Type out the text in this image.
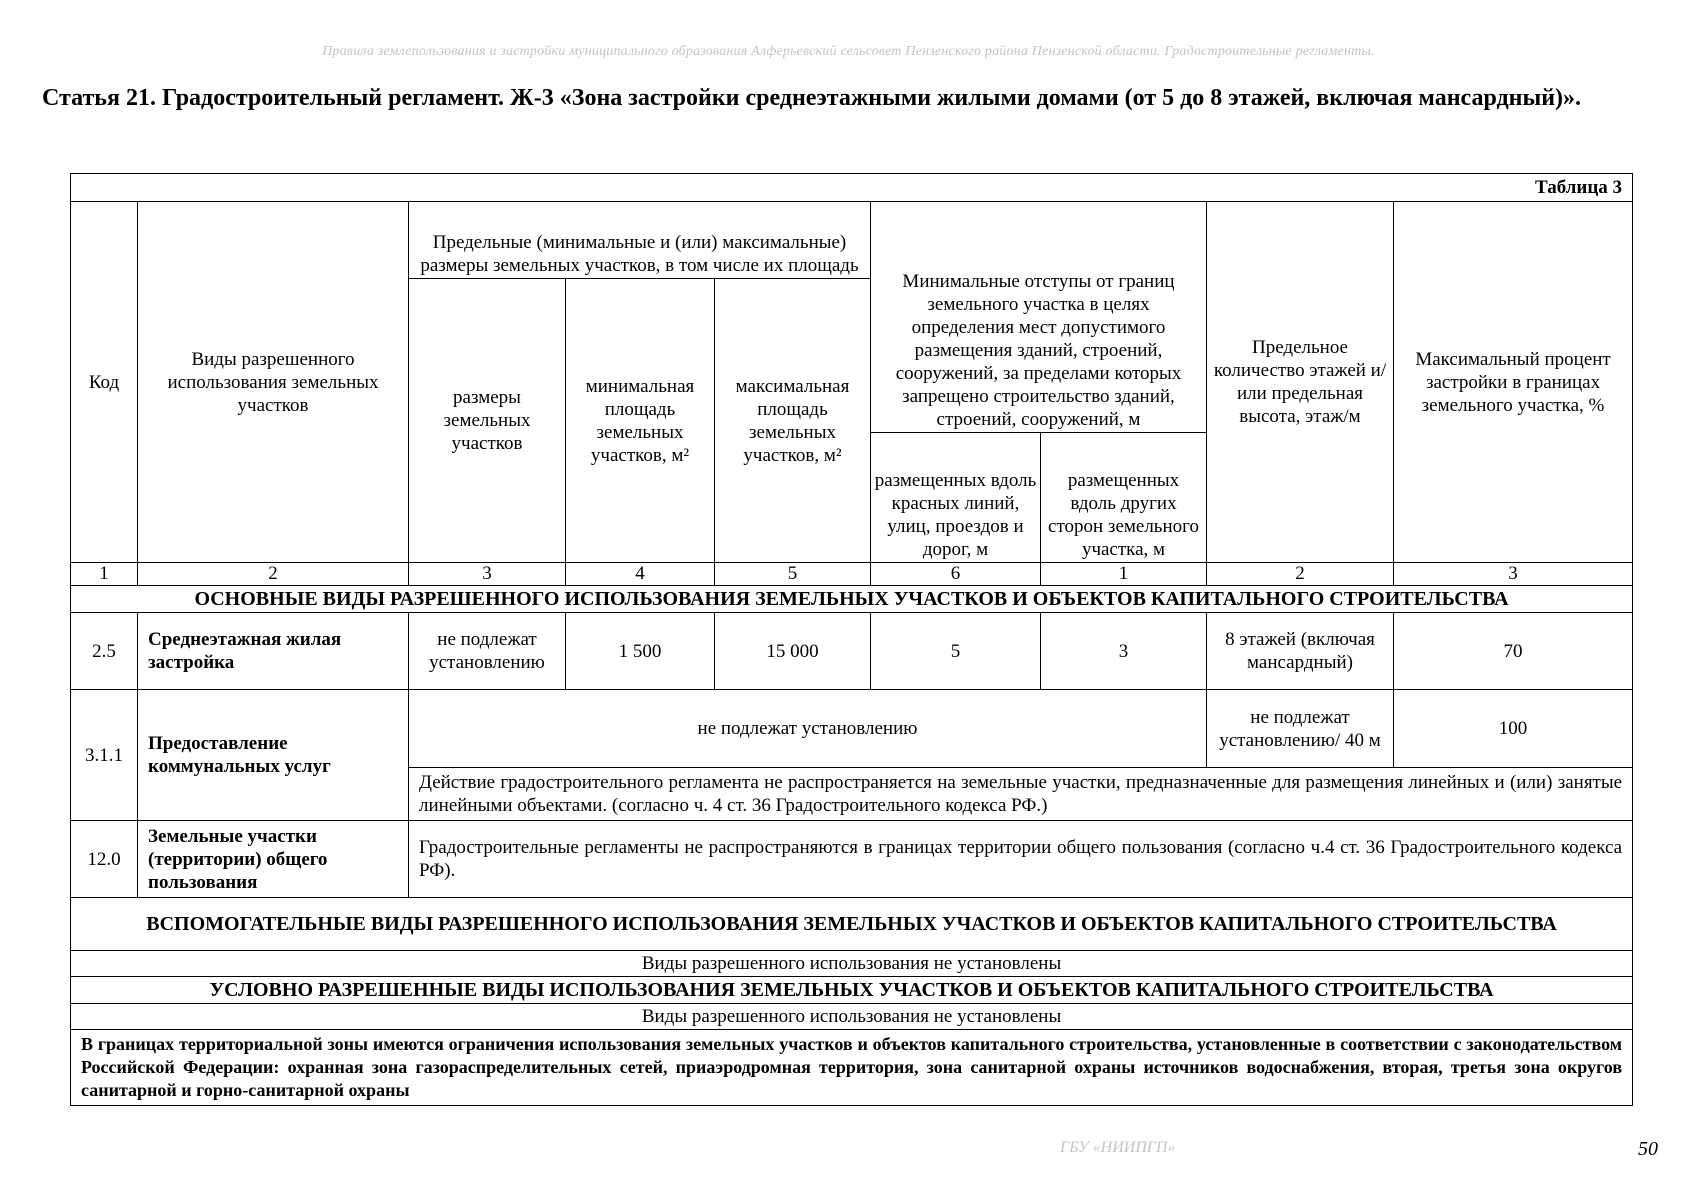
Правила землепользования и застройки муниципального образования Алферьевский сельсовет Пензенского района Пензенской области. Градостроительные регламенты.
Статья 21. Градостроительный регламент. Ж-3 «Зона застройки среднеэтажными жилыми домами (от 5 до 8 этажей, включая мансардный)».
Таблица 3								
Код	Виды разрешенного использования земельных участков	Предельные (минимальные и (или) максимальные) размеры земельных участков, в том числе их площадь			Минимальные отступы от границ земельного участка в целях определения мест допустимого размещения зданий, строений, сооружений, за пределами которых запрещено строительство зданий, строений, сооружений, м		Предельное количество этажей и/или предельная высота, этаж/м	Максимальный процент застройки в границах земельного участка, %
		размеры земельных участков	минимальная площадь земельных участков, м²	максимальная площадь земельных участков, м²				
					размещенных вдоль красных линий, улиц, проездов и дорог, м	размещенных вдоль других сторон земельного участка, м		
1	2	3	4	5	6	1	2	3
ОСНОВНЫЕ ВИДЫ РАЗРЕШЕННОГО ИСПОЛЬЗОВАНИЯ ЗЕМЕЛЬНЫХ УЧАСТКОВ И ОБЪЕКТОВ КАПИТАЛЬНОГО СТРОИТЕЛЬСТВА								
2.5	Среднеэтажная жилая застройка	не подлежат установлению	1 500	15 000	5	3	8 этажей (включая мансардный)	70
3.1.1	Предоставление коммунальных услуг	не подлежат установлению					не подлежат установлению/ 40 м	100
		Действие градостроительного регламента не распространяется на земельные участки, предназначенные для размещения линейных и (или) занятые линейными объектами. (согласно ч. 4 ст. 36 Градостроительного кодекса РФ.)						
12.0	Земельные участки (территории) общего пользования	Градостроительные регламенты не распространяются в границах территории общего пользования (согласно ч.4 ст. 36 Градостроительного кодекса РФ).						
ВСПОМОГАТЕЛЬНЫЕ ВИДЫ РАЗРЕШЕННОГО ИСПОЛЬЗОВАНИЯ ЗЕМЕЛЬНЫХ УЧАСТКОВ И ОБЪЕКТОВ КАПИТАЛЬНОГО СТРОИТЕЛЬСТВА								
Виды разрешенного использования не установлены								
УСЛОВНО РАЗРЕШЕННЫЕ ВИДЫ ИСПОЛЬЗОВАНИЯ ЗЕМЕЛЬНЫХ УЧАСТКОВ И ОБЪЕКТОВ КАПИТАЛЬНОГО СТРОИТЕЛЬСТВА								
Виды разрешенного использования не установлены								
В границах территориальной зоны имеются ограничения использования земельных участков и объектов капитального строительства, установленные в соответствии с законодательством Российской Федерации: охранная зона газораспределительных сетей, приаэродромная территория, зона санитарной охраны источников водоснабжения, вторая, третья зона округов санитарной и горно-санитарной охраны								
ГБУ «НИИПГП»	50
